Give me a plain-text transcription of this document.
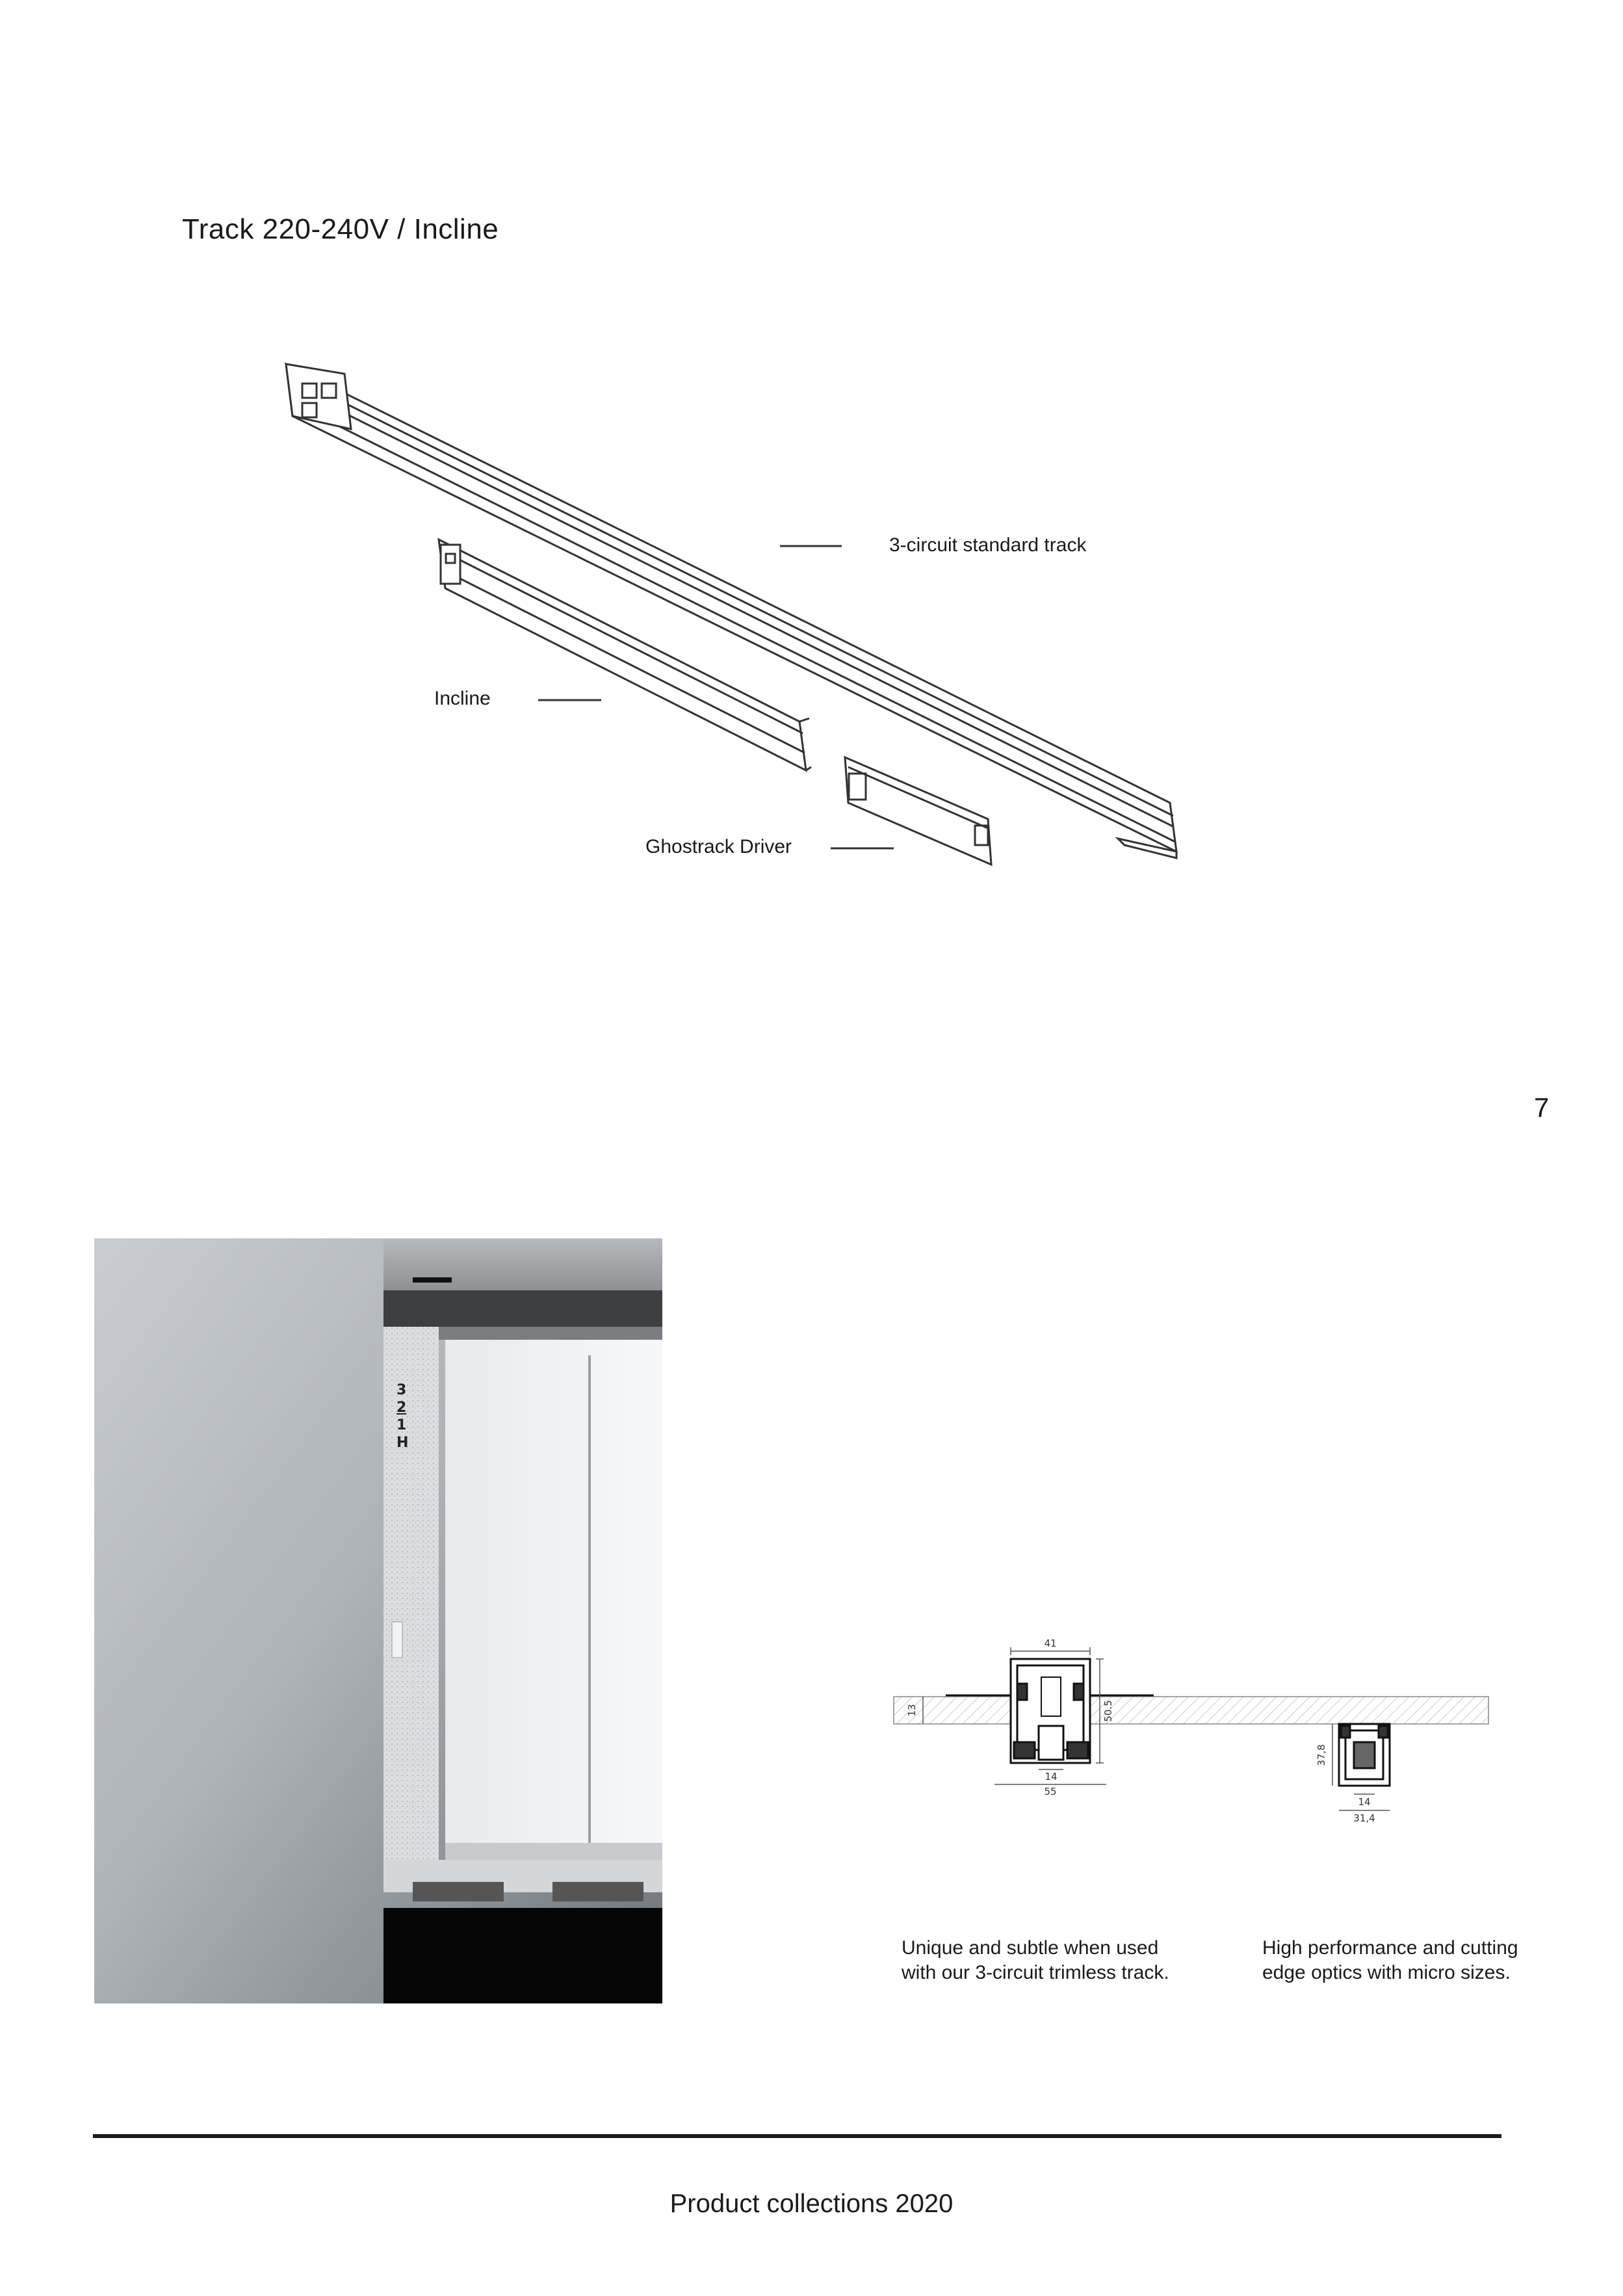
Track 220-240V / Incline
3-circuit standard track
Incline
Ghostrack Driver
7
3
2
1
H
41
50.5
13
14
55
37,8
14
31,4
Unique and subtle when used with our 3-circuit trimless track.
High performance and cutting edge optics with micro sizes.
Product collections 2020
